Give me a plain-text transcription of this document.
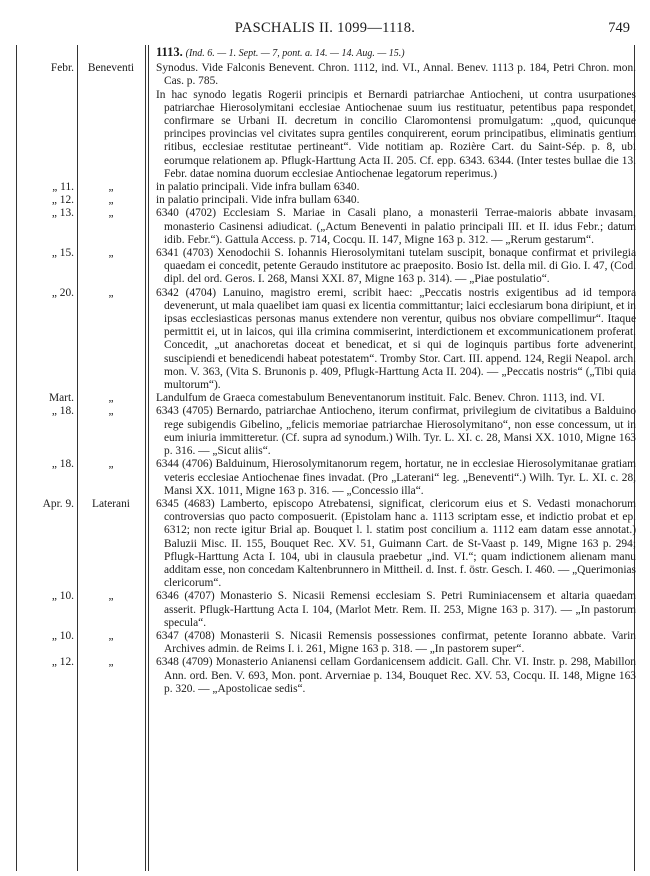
PASCHALIS II. 1099—1118.	749
1113. (Ind. 6. — 1. Sept. — 7, pont. a. 14. — 14. Aug. — 15.)
Febr.	Beneventi	Synodus. Vide Falconis Benevent. Chron. 1112, ind. VI., Annal. Benev. 1113 p. 184, Petri Chron. mon. Cas. p. 785.
In hac synodo legatis Rogerii principis et Bernardi patriarchae Antiocheni, ut contra usurpationes patriarchae Hierosolymitani ecclesiae Antiochenae suum ius restituatur, petentibus papa respondet, confirmare se Urbani II. decretum in concilio Claromontensi promulgatum: „quod, quicunque principes provincias vel civitates supra gentiles conquirerent, eorum principatibus, eliminatis gentium ritibus, ecclesiae restitutae pertineant“. Vide notitiam ap. Rozière Cart. du Saint-Sép. p. 8, ubi eorumque relationem ap. Pflugk-Harttung Acta II. 205. Cf. epp. 6343. 6344. (Inter testes bullae die 13. Febr. datae nomina duorum ecclesiae Antiochenae legatorum reperimus.)
„ 11.	„	in palatio principali. Vide infra bullam 6340.
„ 12.	„	in palatio principali. Vide infra bullam 6340.
„ 13.	„	6340 (4702) Ecclesiam S. Mariae in Casali plano, a monasterii Terrae-maioris abbate invasam, monasterio Casinensi adiudicat. („Actum Beneventi in palatio principali III. et II. idus Febr.; datum idib. Febr.“). Gattula Access. p. 714, Cocqu. II. 147, Migne 163 p. 312. — „Rerum gestarum“.
„ 15.	„	6341 (4703) Xenodochii S. Iohannis Hierosolymitani tutelam suscipit, bonaque confirmat et privilegia quaedam ei concedit, petente Geraudo institutore ac praeposito. Bosio Ist. della mil. di Gio. I. 47, (Cod. dipl. del ord. Geros. I. 268, Mansi XXI. 87, Migne 163 p. 314). — „Piae postulatio“.
„ 20.	„	6342 (4704) Lanuino, magistro eremi, scribit haec: „Peccatis nostris exigentibus ad id tempora devenerunt, ut mala quaelibet iam quasi ex licentia committantur; laici ecclesiarum bona diripiunt, et in ipsas ecclesiasticas personas manus extendere non verentur, quibus nos obviare compellimur“. Itaque permittit ei, ut in laicos, qui illa crimina commiserint, interdictionem et excommunicationem proferat. Concedit, „ut anachoretas doceat et benedicat, et si qui de loginquis partibus forte advenerint, suscipiendi et benedicendi habeat potestatem“. Tromby Stor. Cart. III. append. 124, Regii Neapol. arch. mon. V. 363, (Vita S. Brunonis p. 409, Pflugk-Harttung Acta II. 204). — „Peccatis nostris“ („Tibi quia multorum“).
Mart.	„	Landulfum de Graeca comestabulum Beneventanorum instituit. Falc. Benev. Chron. 1113, ind. VI.
„ 18.	„	6343 (4705) Bernardo, patriarchae Antiocheno, iterum confirmat, privilegium de civitatibus a Balduino rege subigendis Gibelino, „felicis memoriae patriarchae Hierosolymitano“, non esse concessum, ut in eum iniuria immitteretur. (Cf. supra ad synodum.) Wilh. Tyr. L. XI. c. 28, Mansi XX. 1010, Migne 163 p. 316. — „Sicut aliis“.
„ 18.	„	6344 (4706) Balduinum, Hierosolymitanorum regem, hortatur, ne in ecclesiae Hierosolymitanae gratiam veteris ecclesiae Antiochenae fines invadat. (Pro „Laterani“ leg. „Beneventi“.) Wilh. Tyr. L. XI. c. 28, Mansi XX. 1011, Migne 163 p. 316. — „Concessio illa“.
Apr. 9.	Laterani	6345 (4683) Lamberto, episcopo Atrebatensi, significat, clericorum eius et S. Vedasti monachorum controversias quo pacto composuerit. (Epistolam hanc a. 1113 scriptam esse, et indictio probat et ep. 6312; non recte igitur Brial ap. Bouquet l. l. statim post concilium a. 1112 eam datam esse annotat.) Baluzii Misc. II. 155, Bouquet Rec. XV. 51, Guimann Cart. de St-Vaast p. 149, Migne 163 p. 294; Pflugk-Harttung Acta I. 104, ubi in clausula praebetur „ind. VI.“; quam indictionem alienam manu additam esse, non concedam Kaltenbrunnero in Mittheil. d. Inst. f. östr. Gesch. I. 460. — „Querimonias clericorum“.
„ 10.	„	6346 (4707) Monasterio S. Nicasii Remensi ecclesiam S. Petri Ruminiacensem et altaria quaedam asserit. Pflugk-Harttung Acta I. 104, (Marlot Metr. Rem. II. 253, Migne 163 p. 317). — „In pastorum specula“.
„ 10.	„	6347 (4708) Monasterii S. Nicasii Remensis possessiones confirmat, petente Ioranno abbate. Varin Archives admin. de Reims I. i. 261, Migne 163 p. 318. — „In pastorem super“.
„ 12.	„	6348 (4709) Monasterio Anianensi cellam Gordanicensem addicit. Gall. Chr. VI. Instr. p. 298, Mabillon Ann. ord. Ben. V. 693, Mon. pont. Arverniae p. 134, Bouquet Rec. XV. 53, Cocqu. II. 148, Migne 163 p. 320. — „Apostolicae sedis“.
